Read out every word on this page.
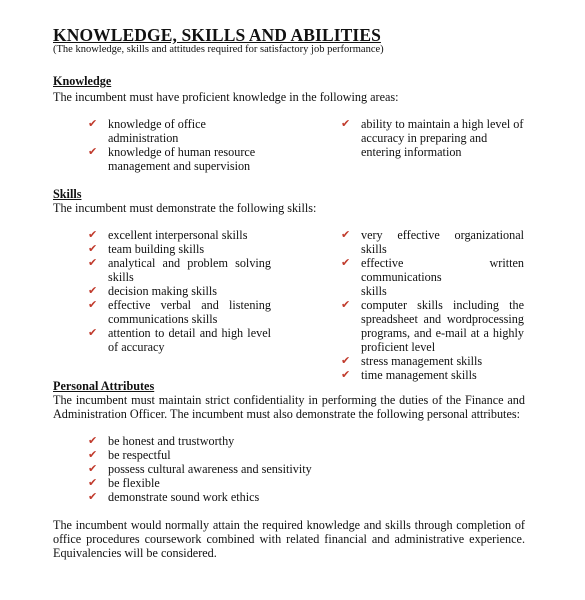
KNOWLEDGE, SKILLS AND ABILITIES
(The knowledge, skills and attitudes required for satisfactory job performance)
Knowledge
The incumbent must have proficient knowledge in the following areas:
✔ knowledge of office
administration
✔ knowledge of human resource
management and supervision
✔ ability to maintain a high level of
accuracy in preparing and
entering information
Skills
The incumbent must demonstrate the following skills:
✔ excellent interpersonal skills
✔ team building skills
✔ analytical and problem solving
skills
✔ decision making skills
✔ effective verbal and listening
communications skills
✔ attention to detail and high level
of accuracy
✔ very effective organizational
skills
✔ effective written communications
skills
✔ computer skills including the
spreadsheet and wordprocessing
programs, and e-mail at a highly
proficient level
✔ stress management skills
✔ time management skills
Personal Attributes
The incumbent must maintain strict confidentiality in performing the duties of the Finance and Administration Officer. The incumbent must also demonstrate the following personal attributes:
✔ be honest and trustworthy
✔ be respectful
✔ possess cultural awareness and sensitivity
✔ be flexible
✔ demonstrate sound work ethics
The incumbent would normally attain the required knowledge and skills through completion of office procedures coursework combined with related financial and administrative experience. Equivalencies will be considered.
